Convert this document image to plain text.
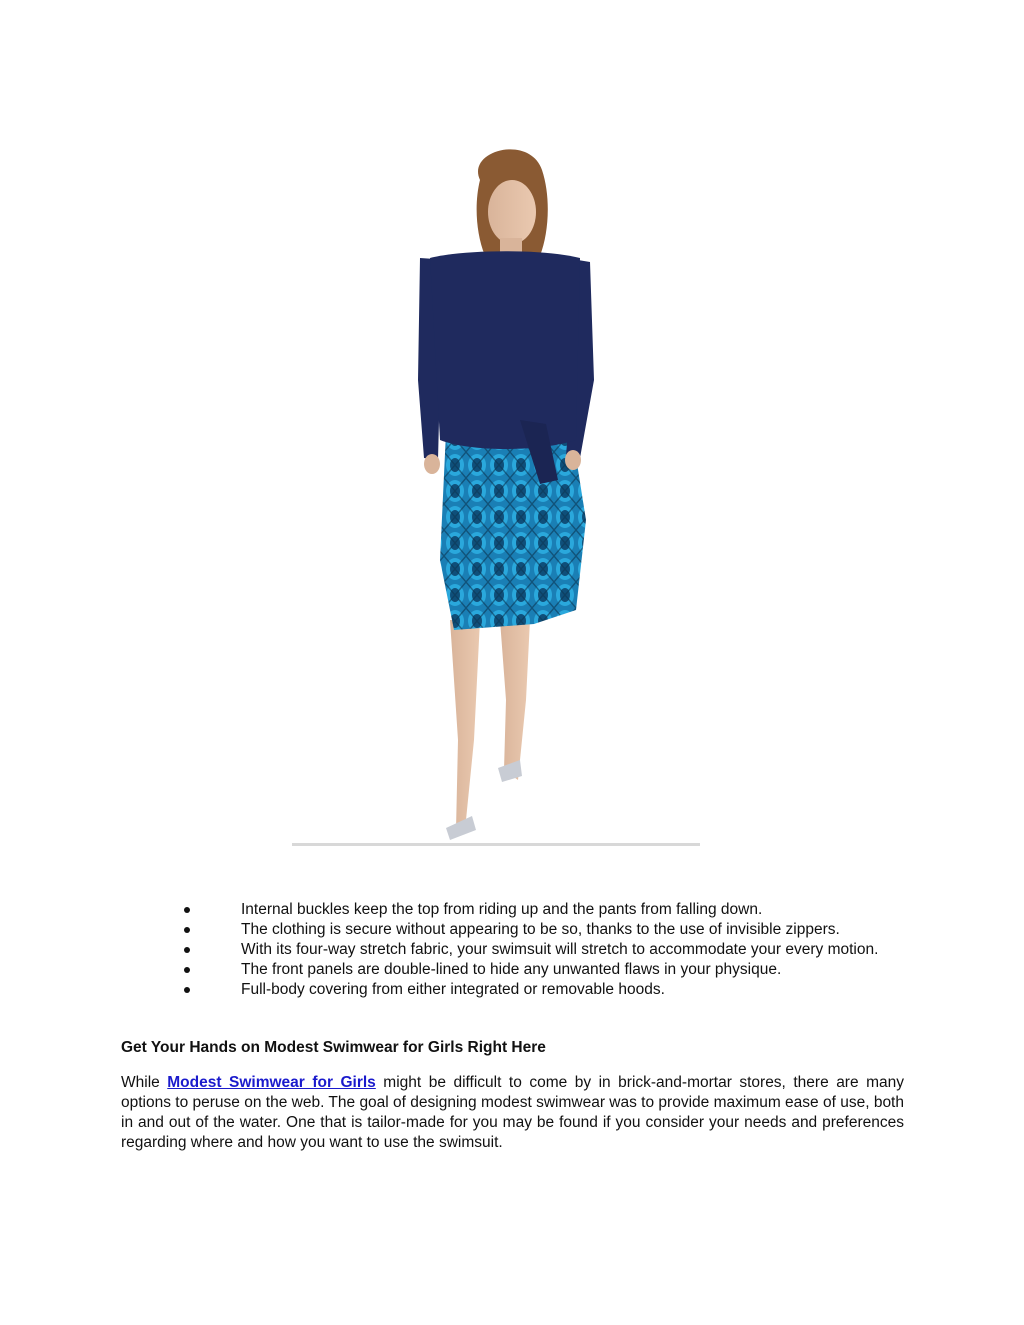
Internal buckles keep the top from riding up and the pants from falling down.
The clothing is secure without appearing to be so, thanks to the use of invisible zippers.
With its four-way stretch fabric, your swimsuit will stretch to accommodate your every motion.
The front panels are double-lined to hide any unwanted flaws in your physique.
Full-body covering from either integrated or removable hoods.
Get Your Hands on Modest Swimwear for Girls Right Here

While Modest Swimwear for Girls might be difficult to come by in brick-and-mortar stores, there are many options to peruse on the web. The goal of designing modest swimwear was to provide maximum ease of use, both in and out of the water. One that is tailor-made for you may be found if you consider your needs and preferences regarding where and how you want to use the swimsuit.
